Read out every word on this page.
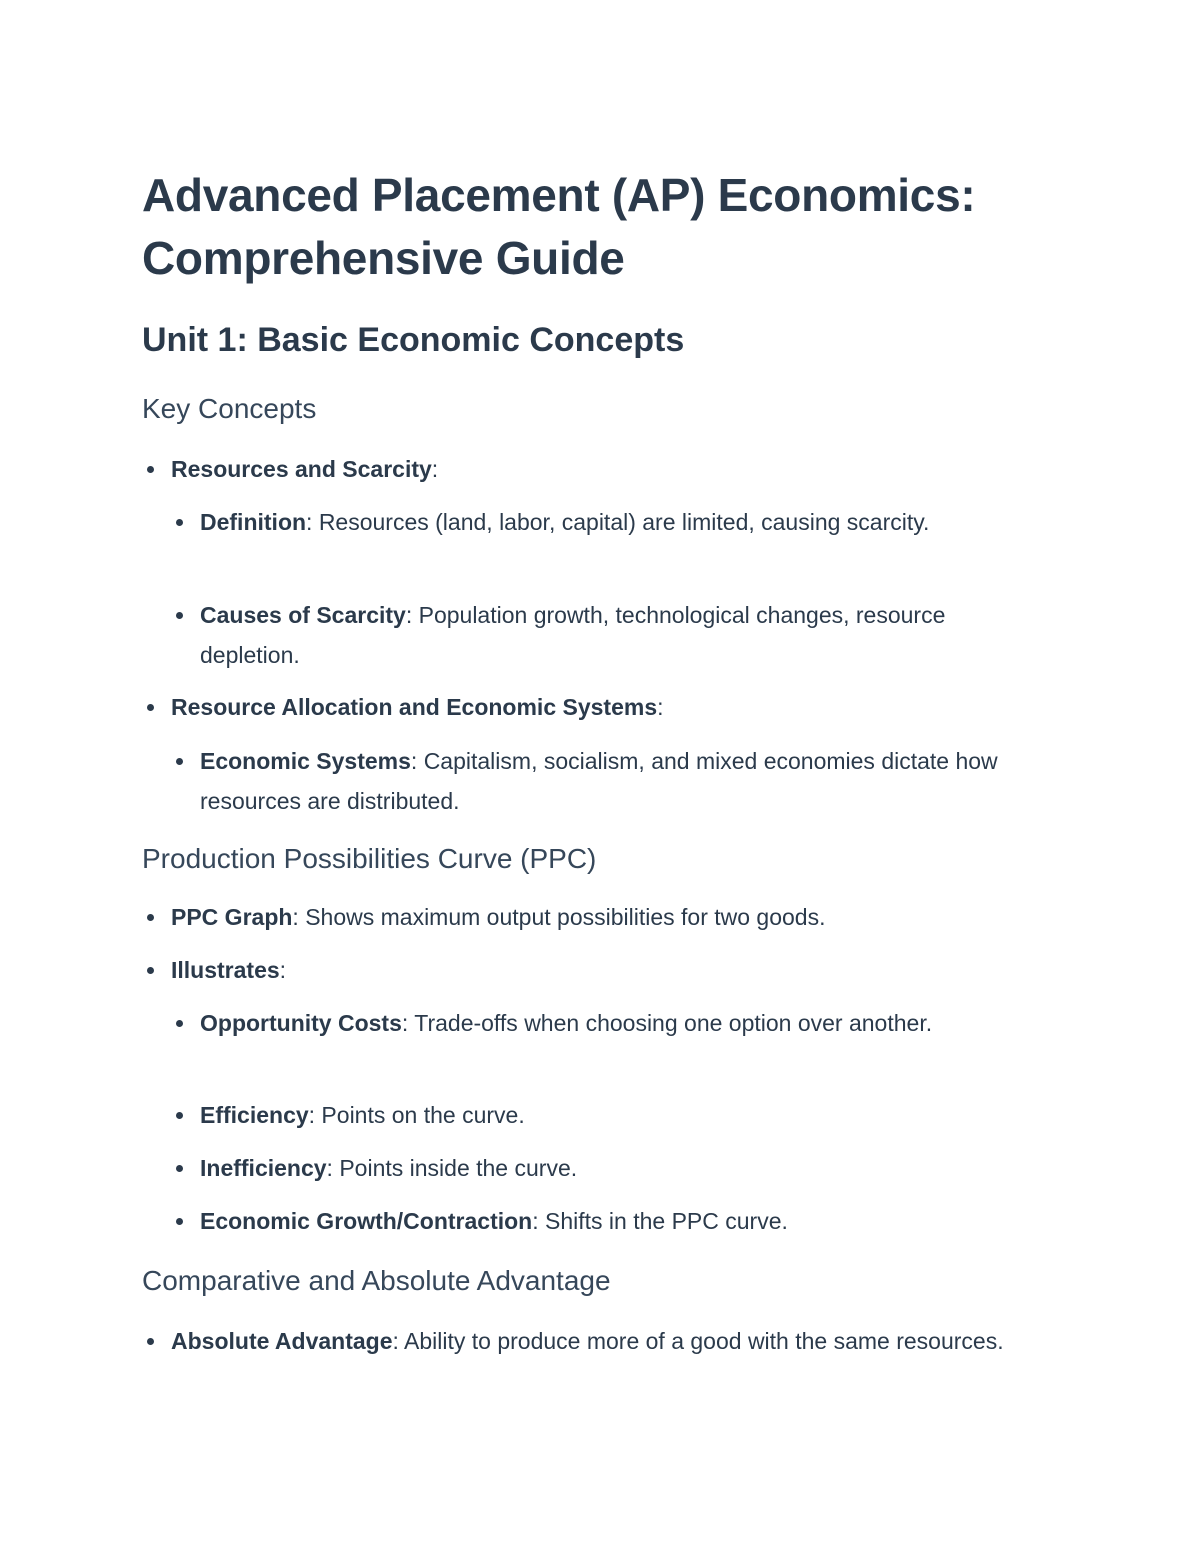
Advanced Placement (AP) Economics: Comprehensive Guide
Unit 1: Basic Economic Concepts
Key Concepts
Resources and Scarcity:
Definition: Resources (land, labor, capital) are limited, causing scarcity.
Causes of Scarcity: Population growth, technological changes, resource depletion.
Resource Allocation and Economic Systems:
Economic Systems: Capitalism, socialism, and mixed economies dictate how resources are distributed.
Production Possibilities Curve (PPC)
PPC Graph: Shows maximum output possibilities for two goods.
Illustrates:
Opportunity Costs: Trade-offs when choosing one option over another.
Efficiency: Points on the curve.
Inefficiency: Points inside the curve.
Economic Growth/Contraction: Shifts in the PPC curve.
Comparative and Absolute Advantage
Absolute Advantage: Ability to produce more of a good with the same resources.
